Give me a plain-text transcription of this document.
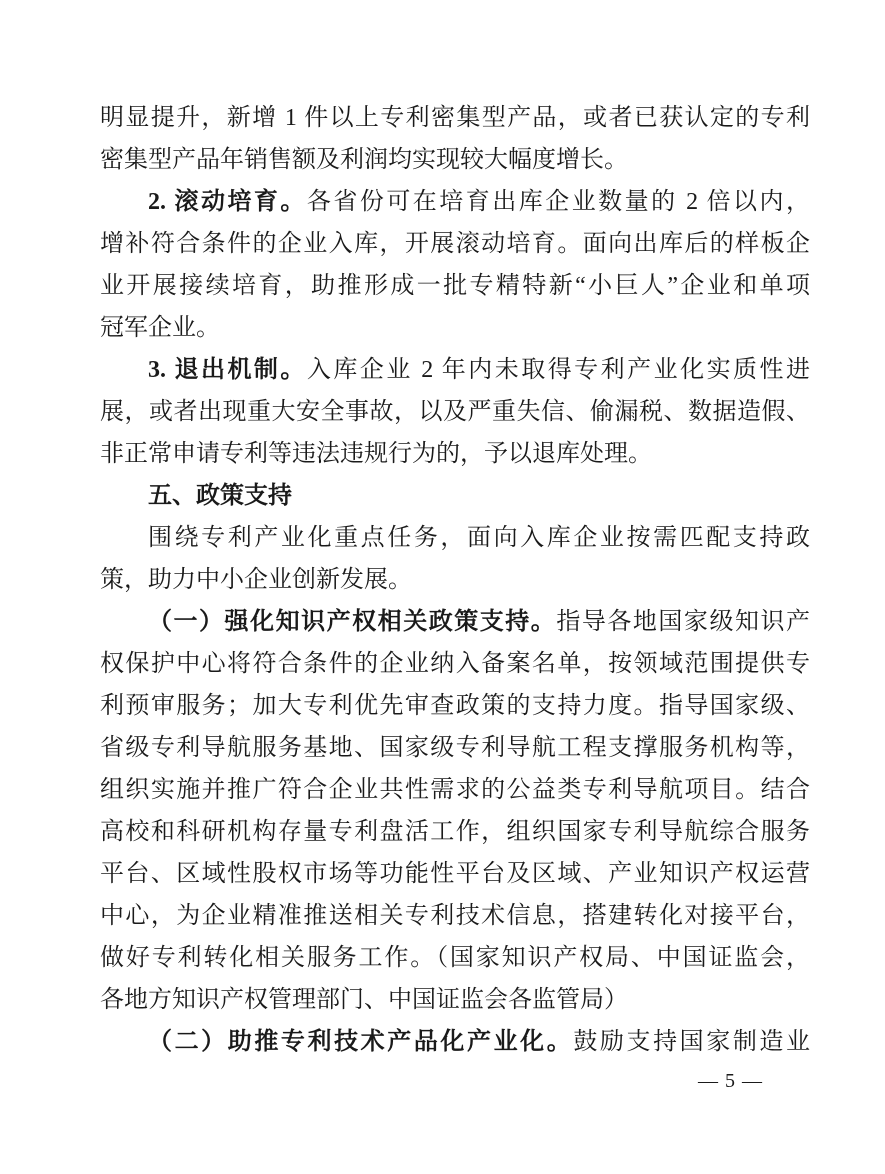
明显提升，新增 1 件以上专利密集型产品，或者已获认定的专利
密集型产品年销售额及利润均实现较大幅度增长。
2. 滚动培育。各省份可在培育出库企业数量的 2 倍以内，
增补符合条件的企业入库，开展滚动培育。面向出库后的样板企
业开展接续培育，助推形成一批专精特新“小巨人”企业和单项
冠军企业。
3. 退出机制。入库企业 2 年内未取得专利产业化实质性进
展，或者出现重大安全事故，以及严重失信、偷漏税、数据造假、
非正常申请专利等违法违规行为的，予以退库处理。
五、政策支持
围绕专利产业化重点任务，面向入库企业按需匹配支持政
策，助力中小企业创新发展。
（一）强化知识产权相关政策支持。指导各地国家级知识产
权保护中心将符合条件的企业纳入备案名单，按领域范围提供专
利预审服务；加大专利优先审查政策的支持力度。指导国家级、
省级专利导航服务基地、国家级专利导航工程支撑服务机构等，
组织实施并推广符合企业共性需求的公益类专利导航项目。结合
高校和科研机构存量专利盘活工作，组织国家专利导航综合服务
平台、区域性股权市场等功能性平台及区域、产业知识产权运营
中心，为企业精准推送相关专利技术信息，搭建转化对接平台，
做好专利转化相关服务工作。（国家知识产权局、中国证监会，
各地方知识产权管理部门、中国证监会各监管局）
（二）助推专利技术产品化产业化。鼓励支持国家制造业
— 5 —
